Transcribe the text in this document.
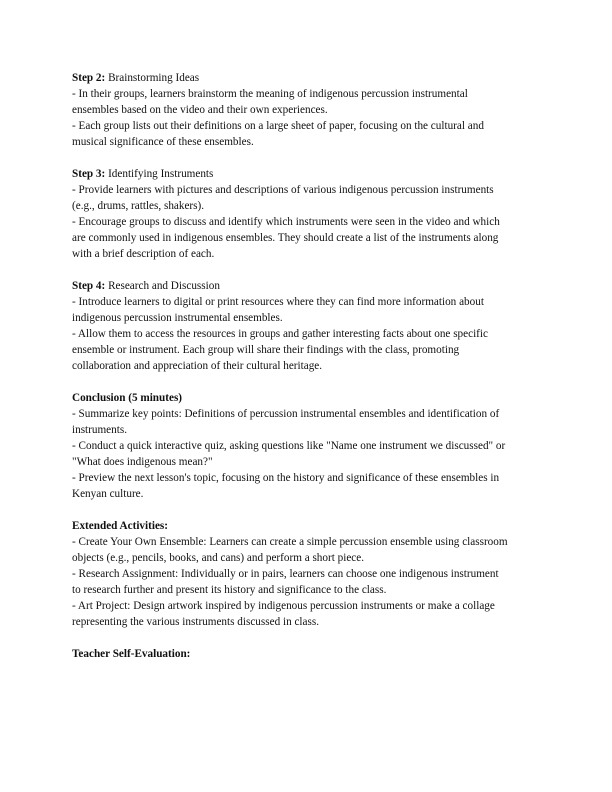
Step 2: Brainstorming Ideas
- In their groups, learners brainstorm the meaning of indigenous percussion instrumental
ensembles based on the video and their own experiences.
- Each group lists out their definitions on a large sheet of paper, focusing on the cultural and
musical significance of these ensembles.
Step 3: Identifying Instruments
- Provide learners with pictures and descriptions of various indigenous percussion instruments
(e.g., drums, rattles, shakers).
- Encourage groups to discuss and identify which instruments were seen in the video and which
are commonly used in indigenous ensembles. They should create a list of the instruments along
with a brief description of each.
Step 4: Research and Discussion
- Introduce learners to digital or print resources where they can find more information about
indigenous percussion instrumental ensembles.
- Allow them to access the resources in groups and gather interesting facts about one specific
ensemble or instrument. Each group will share their findings with the class, promoting
collaboration and appreciation of their cultural heritage.
Conclusion (5 minutes)
- Summarize key points: Definitions of percussion instrumental ensembles and identification of
instruments.
- Conduct a quick interactive quiz, asking questions like "Name one instrument we discussed" or
"What does indigenous mean?"
- Preview the next lesson's topic, focusing on the history and significance of these ensembles in
Kenyan culture.
Extended Activities:
- Create Your Own Ensemble: Learners can create a simple percussion ensemble using classroom
objects (e.g., pencils, books, and cans) and perform a short piece.
- Research Assignment: Individually or in pairs, learners can choose one indigenous instrument
to research further and present its history and significance to the class.
- Art Project: Design artwork inspired by indigenous percussion instruments or make a collage
representing the various instruments discussed in class.
Teacher Self-Evaluation:
